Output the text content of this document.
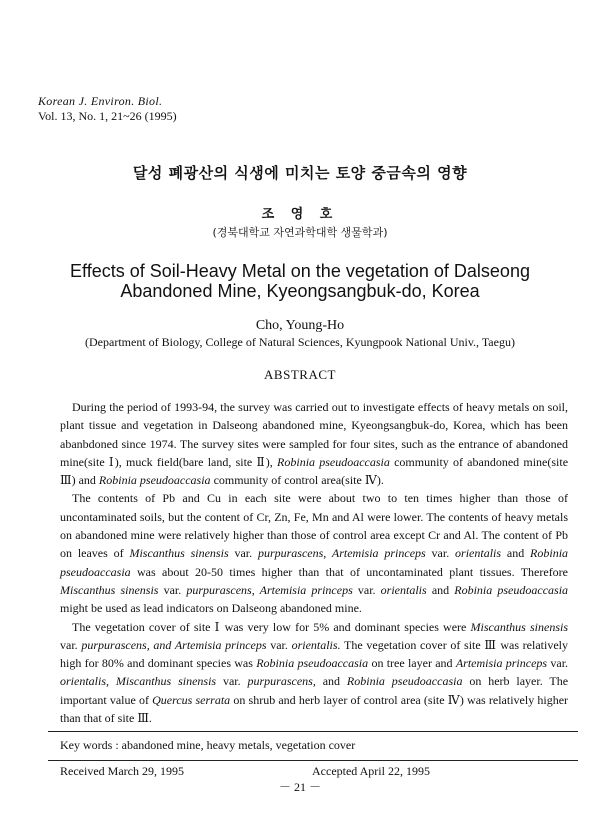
Korean J. Environ. Biol.
Vol. 13, No. 1, 21~26 (1995)
달성 폐광산의 식생에 미치는 토양 중금속의 영향
조 영 호
(경북대학교 자연과학대학 생물학과)
Effects of Soil-Heavy Metal on the vegetation of Dalseong
Abandoned Mine, Kyeongsangbuk-do, Korea
Cho, Young-Ho
(Department of Biology, College of Natural Sciences, Kyungpook National Univ., Taegu)
ABSTRACT

During the period of 1993-94, the survey was carried out to investigate effects of heavy metals on soil, plant tissue and vegetation in Dalseong abandoned mine, Kyeongsangbuk-do, Korea, which has been abanbdoned since 1974. The survey sites were sampled for four sites, such as the entrance of abandoned mine(site Ⅰ), muck field(bare land, site Ⅱ), Robinia pseudoaccasia community of abandoned mine(site Ⅲ) and Robinia pseudoaccasia community of control area(site Ⅳ).

The contents of Pb and Cu in each site were about two to ten times higher than those of uncontaminated soils, but the content of Cr, Zn, Fe, Mn and Al were lower. The contents of heavy metals on abandoned mine were relatively higher than those of control area except Cr and Al. The content of Pb on leaves of Miscanthus sinensis var. purpurascens, Artemisia princeps var. orientalis and Robinia pseudoaccasia was about 20-50 times higher than that of uncontaminated plant tissues. Therefore Miscanthus sinensis var. purpurascens, Artemisia princeps var. orientalis and Robinia pseudoaccasia might be used as lead indicators on Dalseong abandoned mine.

The vegetation cover of site Ⅰ was very low for 5% and dominant species were Miscanthus sinensis var. purpurascens, and Artemisia princeps var. orientalis. The vegetation cover of site Ⅲ was relatively high for 80% and dominant species was Robinia pseudoaccasia on tree layer and Artemisia princeps var. orientalis, Miscanthus sinensis var. purpurascens, and Robinia pseudoaccasia on herb layer. The important value of Quercus serrata on shrub and herb layer of control area (site Ⅳ) was relatively higher than that of site Ⅲ.

Key words : abandoned mine, heavy metals, vegetation cover
Received March 29, 1995	Accepted April 22, 1995
－ 21 －
